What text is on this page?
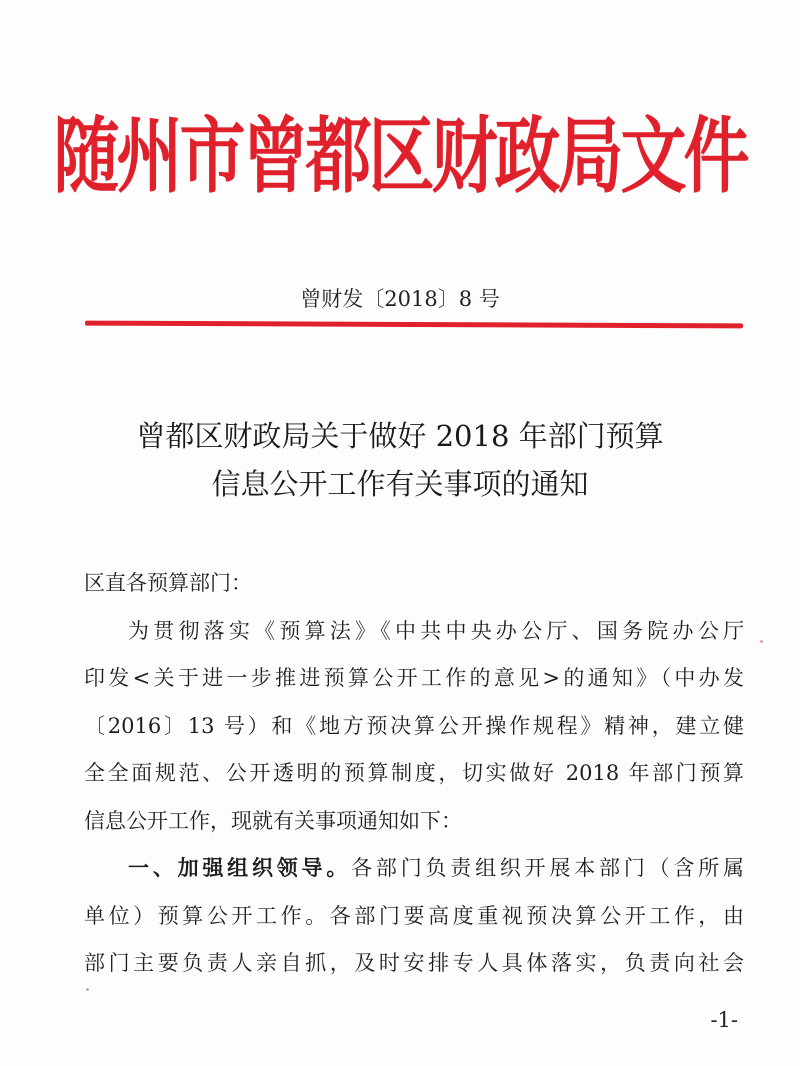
随州市曾都区财政局文件
曾财发〔2018〕8 号
曾都区财政局关于做好 2018 年部门预算
信息公开工作有关事项的通知
区直各预算部门：
为贯彻落实《预算法》《中共中央办公厅、国务院办公厅
印发<关于进一步推进预算公开工作的意见>的通知》（中办发
〔2016〕13 号）和《地方预决算公开操作规程》精神，建立健
全全面规范、公开透明的预算制度，切实做好 2018 年部门预算
信息公开工作，现就有关事项通知如下：
一、加强组织领导。各部门负责组织开展本部门（含所属
单位）预算公开工作。各部门要高度重视预决算公开工作，由
部门主要负责人亲自抓，及时安排专人具体落实，负责向社会
-1-
